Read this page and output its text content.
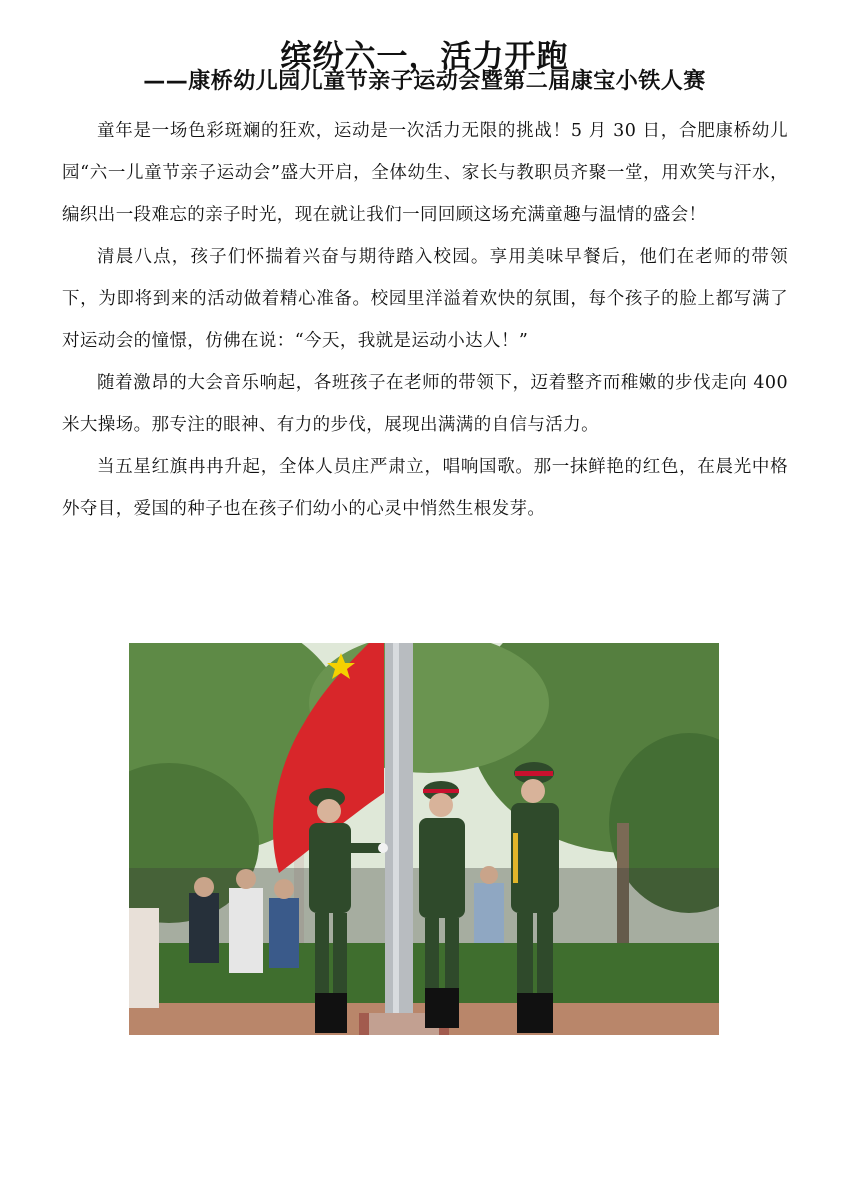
缤纷六一，活力开跑
——康桥幼儿园儿童节亲子运动会暨第二届康宝小铁人赛

童年是一场色彩斑斓的狂欢，运动是一次活力无限的挑战！5 月 30 日，合肥康桥幼儿园“六一儿童节亲子运动会”盛大开启，全体幼生、家长与教职员齐聚一堂，用欢笑与汗水，编织出一段难忘的亲子时光，现在就让我们一同回顾这场充满童趣与温情的盛会！

清晨八点，孩子们怀揣着兴奋与期待踏入校园。享用美味早餐后，他们在老师的带领下，为即将到来的活动做着精心准备。校园里洋溢着欢快的氛围，每个孩子的脸上都写满了对运动会的憧憬，仿佛在说：“今天，我就是运动小达人！”

随着激昂的大会音乐响起，各班孩子在老师的带领下，迈着整齐而稚嫩的步伐走向 400 米大操场。那专注的眼神、有力的步伐，展现出满满的自信与活力。

当五星红旗冉冉升起，全体人员庄严肃立，唱响国歌。那一抹鲜艳的红色，在晨光中格外夺目，爱国的种子也在孩子们幼小的心灵中悄然生根发芽。
